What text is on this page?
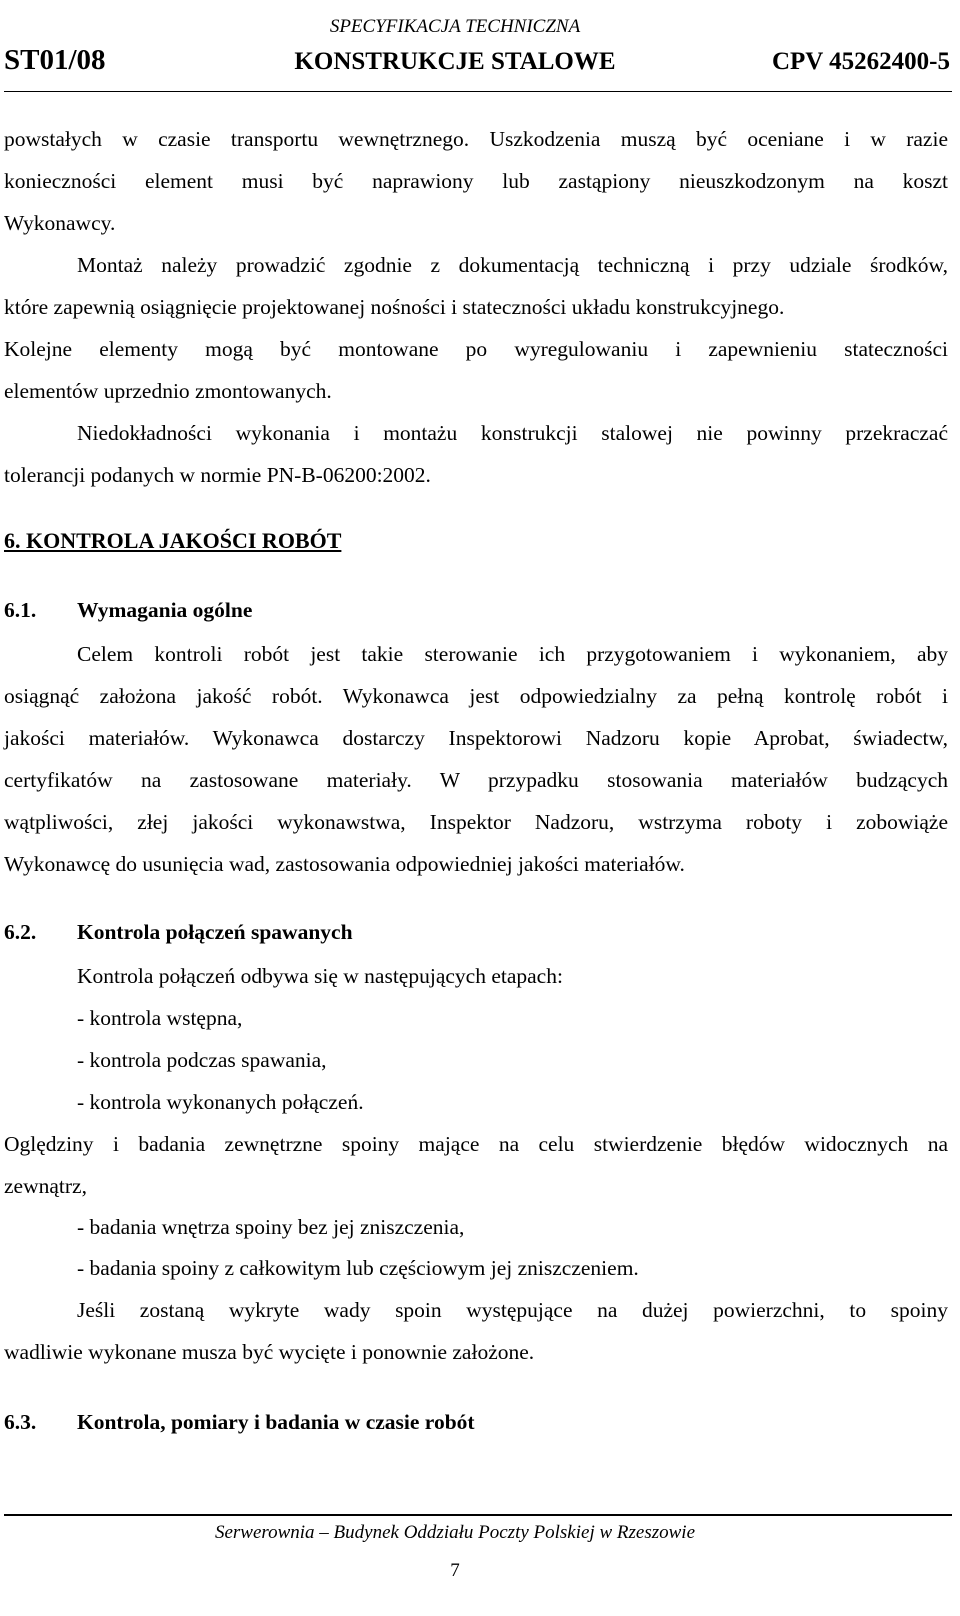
SPECYFIKACJA TECHNICZNA
ST01/08	KONSTRUKCJE STALOWE	CPV 45262400-5
powstałych w czasie transportu wewnętrznego. Uszkodzenia muszą być oceniane i w razie
konieczności element musi być naprawiony lub zastąpiony nieuszkodzonym na koszt
Wykonawcy.
Montaż należy prowadzić zgodnie z dokumentacją techniczną i przy udziale środków,
które zapewnią osiągnięcie projektowanej nośności i stateczności układu konstrukcyjnego.
Kolejne elementy mogą być montowane po wyregulowaniu i zapewnieniu stateczności
elementów uprzednio zmontowanych.
Niedokładności wykonania i montażu konstrukcji stalowej nie powinny przekraczać
tolerancji podanych w normie PN-B-06200:2002.
6. KONTROLA JAKOŚCI ROBÓT
6.1. Wymagania ogólne
Celem kontroli robót jest takie sterowanie ich przygotowaniem i wykonaniem, aby
osiągnąć założona jakość robót. Wykonawca jest odpowiedzialny za pełną kontrolę robót i
jakości materiałów. Wykonawca dostarczy Inspektorowi Nadzoru kopie Aprobat, świadectw,
certyfikatów na zastosowane materiały. W przypadku stosowania materiałów budzących
wątpliwości, złej jakości wykonawstwa, Inspektor Nadzoru, wstrzyma roboty i zobowiąże
Wykonawcę do usunięcia wad, zastosowania odpowiedniej jakości materiałów.
6.2. Kontrola połączeń spawanych
Kontrola połączeń odbywa się w następujących etapach:
- kontrola wstępna,
- kontrola podczas spawania,
- kontrola wykonanych połączeń.
Oględziny i badania zewnętrzne spoiny mające na celu stwierdzenie błędów widocznych na
zewnątrz,
- badania wnętrza spoiny bez jej zniszczenia,
- badania spoiny z całkowitym lub częściowym jej zniszczeniem.
Jeśli zostaną wykryte wady spoin występujące na dużej powierzchni, to spoiny
wadliwie wykonane musza być wycięte i ponownie założone.
6.3. Kontrola, pomiary i badania w czasie robót
Serwerownia – Budynek Oddziału Poczty Polskiej w Rzeszowie
7
